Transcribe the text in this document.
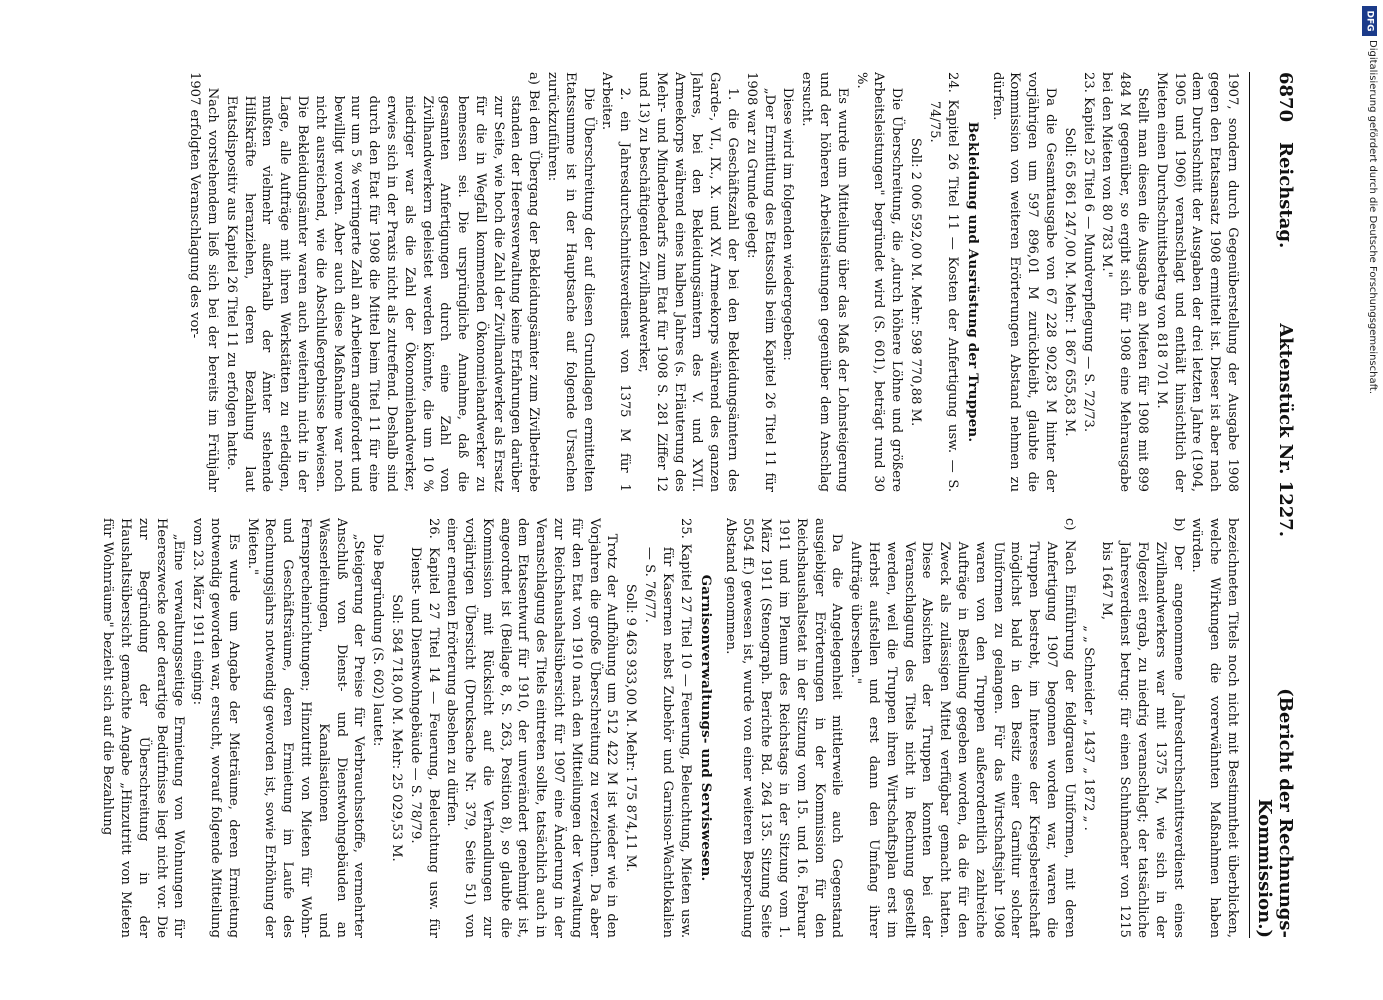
6870
Reichstag.
Aktenstück Nr. 1227.
(Bericht der Rechnungs-Kommission.)

1907, sondern durch Gegenüberstellung der Ausgabe 1908 gegen den Etatsansatz 1908 ermittelt ist. Dieser ist aber nach dem Durchschnitt der Ausgaben der drei letzten Jahre (1904, 1905 und 1906) veranschlagt und enthält hinsichtlich der Mieten einen Durchschnittsbetrag von 818 701 M.

Stellt man diesen die Ausgabe an Mieten für 1908 mit 899 484 M gegenüber, so ergibt sich für 1908 eine Mehrausgabe bei den Mieten von 80 783 M."

23. Kapitel 25 Titel 6 — Mundverpflegung — S. 72/73.

Soll: 65 861 247,00 M. Mehr: 1 867 655,83 M.

Da die Gesamtausgabe von 67 228 902,83 M hinter der vorjährigen um 597 896,01 M zurückbleibt, glaubte die Kommission von weiteren Erörterungen Abstand nehmen zu dürfen.

Bekleidung und Ausrüstung der Truppen.

24. Kapitel 26 Titel 11 — Kosten der Anfertigung usw. — S. 74/75.

Soll: 2 006 592,00 M. Mehr: 598 770,88 M.

Die Überschreitung, die „durch höhere Löhne und größere Arbeitsleistungen" begründet wird (S. 601), beträgt rund 30 %.

Es wurde um Mitteilung über das Maß der Lohnsteigerung und der höheren Arbeitsleistungen gegenüber dem Anschlag ersucht.

Diese wird im folgenden wiedergegeben:

„Der Ermittlung des Etatssolls beim Kapitel 26 Titel 11 für 1908 war zu Grunde gelegt:

1. die Geschäftszahl der bei den Bekleidungsämtern des Garde-, VI., IX., X. und XV. Armeekorps während des ganzen Jahres, bei den Bekleidungsämtern des V. und XVII. Armeekorps während eines halben Jahres (s. Erläuterung des Mehr- und Minderbedarfs zum Etat für 1908 S. 281 Ziffer 12 und 13) zu beschäftigenden Zivilhandwerker,

2. ein Jahresdurchschnittsverdienst von 1375 M für 1 Arbeiter.

Die Überschreitung der auf diesen Grundlagen ermittelten Etatssumme ist in der Hauptsache auf folgende Ursachen zurückzuführen:

a) Bei dem Übergang der Bekleidungsämter zum Zivilbetriebe standen der Heeresverwaltung keine Erfahrungen darüber zur Seite, wie hoch die Zahl der Zivilhandwerker als Ersatz für die in Wegfall kommenden Ökonomiehandwerker zu bemessen sei. Die ursprüngliche Annahme, daß die gesamten Anfertigungen durch eine Zahl von Zivilhandwerkern geleistet werden könnte, die um 10 % niedriger war als die Zahl der Ökonomiehandwerker, erwies sich in der Praxis nicht als zutreffend. Deshalb sind durch den Etat für 1908 die Mittel beim Titel 11 für eine nur um 5 % verringerte Zahl an Arbeitern angefordert und bewilligt worden. Aber auch diese Maßnahme war noch nicht ausreichend, wie die Abschlußergebnisse bewiesen. Die Bekleidungsämter waren auch weiterhin nicht in der Lage, alle Aufträge mit ihren Werkstätten zu erledigen, mußten vielmehr außerhalb der Ämter stehende Hilfskräfte heranziehen, deren Bezahlung laut Etatsdispositiv aus Kapitel 26 Titel 11 zu erfolgen hatte.

Nach vorstehendem ließ sich bei der bereits im Frühjahr 1907 erfolgten Veranschlagung des vor-

bezeichneten Titels noch nicht mit Bestimmtheit überblicken, welche Wirkungen die vorerwähnten Maßnahmen haben würden.

b) Der angenommene Jahresdurchschnittsverdienst eines Zivilhandwerkers war mit 1375 M, wie sich in der Folgezeit ergab, zu niedrig veranschlagt; der tatsächliche Jahresverdienst betrug: für einen Schuhmacher von 1215 bis 1647 M,

„ „ Schneider „ 1437 „ 1872 „ .

c) Nach Einführung der feldgrauen Uniformen, mit deren Anfertigung 1907 begonnen worden war, waren die Truppen bestrebt, im Interesse der Kriegsbereitschaft möglichst bald in den Besitz einer Garnitur solcher Uniformen zu gelangen. Für das Wirtschaftsjahr 1908 waren von den Truppen außerordentlich zahlreiche Aufträge in Bestellung gegeben worden, da die für den Zweck als zulässigen Mittel verfügbar gemacht hatten. Diese Absichten der Truppen konnten bei der Veranschlagung des Titels nicht in Rechnung gestellt werden, weil die Truppen ihren Wirtschaftsplan erst im Herbst aufstellen und erst dann den Umfang ihrer Aufträge übersehen."

Da die Angelegenheit mittlerweile auch Gegenstand ausgiebiger Erörterungen in der Kommission für den Reichshaushaltsetat in der Sitzung vom 15. und 16. Februar 1911 und im Plenum des Reichstags in der Sitzung vom 1. März 1911 (Stenograph. Berichte Bd. 264 135. Sitzung Seite 5054 ff.) gewesen ist, wurde von einer weiteren Besprechung Abstand genommen.

Garnisonverwaltungs- und Serviswesen.

25. Kapitel 27 Titel 10 — Feuerung, Beleuchtung, Mieten usw. für Kasernen nebst Zubehör und Garnison-Wachtlokalien — S. 76/77.

Soll: 9 463 933,00 M. Mehr: 175 874,11 M.

Trotz der Aufhöhung um 512 422 M ist wieder wie in den Vorjahren die große Überschreitung zu verzeichnen. Da aber für den Etat von 1910 nach den Mitteilungen der Verwaltung zur Reichshaushaltsübersicht für 1907 eine Änderung in der Veranschlagung des Titels eintreten sollte, tatsächlich auch in dem Etatsentwurf für 1910, der unverändert genehmigt ist, angeordnet ist (Beilage 8, S. 263, Position 8), so glaubte die Kommission mit Rücksicht auf die Verhandlungen zur vorjährigen Übersicht (Drucksache Nr. 379, Seite 51) von einer erneuten Erörterung absehen zu dürfen.

26. Kapitel 27 Titel 14 — Feuerung, Beleuchtung usw. für Dienst- und Dienstwohngebäude — S. 78/79.

Soll: 584 718,00 M. Mehr: 25 029,53 M.

Die Begründung (S. 602) lautet:

„Steigerung der Preise für Verbrauchsstoffe, vermehrter Anschluß von Dienst- und Dienstwohngebäuden an Wasserleitungen, Kanalisationen und Fernsprecheinrichtungen; Hinzutritt von Mieten für Wohn- und Geschäftsräume, deren Ermietung im Laufe des Rechnungsjahrs notwendig geworden ist, sowie Erhöhung der Mieten."

Es wurde um Angabe der Mieträume, deren Ermietung notwendig geworden war, ersucht, worauf folgende Mitteilung vom 23. März 1911 einging:

„Eine verwaltungsseitige Ermietung von Wohnungen für Heereszwecke oder derartige Bedürfnisse liegt nicht vor. Die zur Begründung der Überschreitung in der Haushaltsübersicht gemachte Angabe „Hinzutritt von Mieten für Wohnräume" bezieht sich auf die Bezahlung

DFG
Digitalisierung gefördert durch die Deutsche Forschungsgemeinschaft.
